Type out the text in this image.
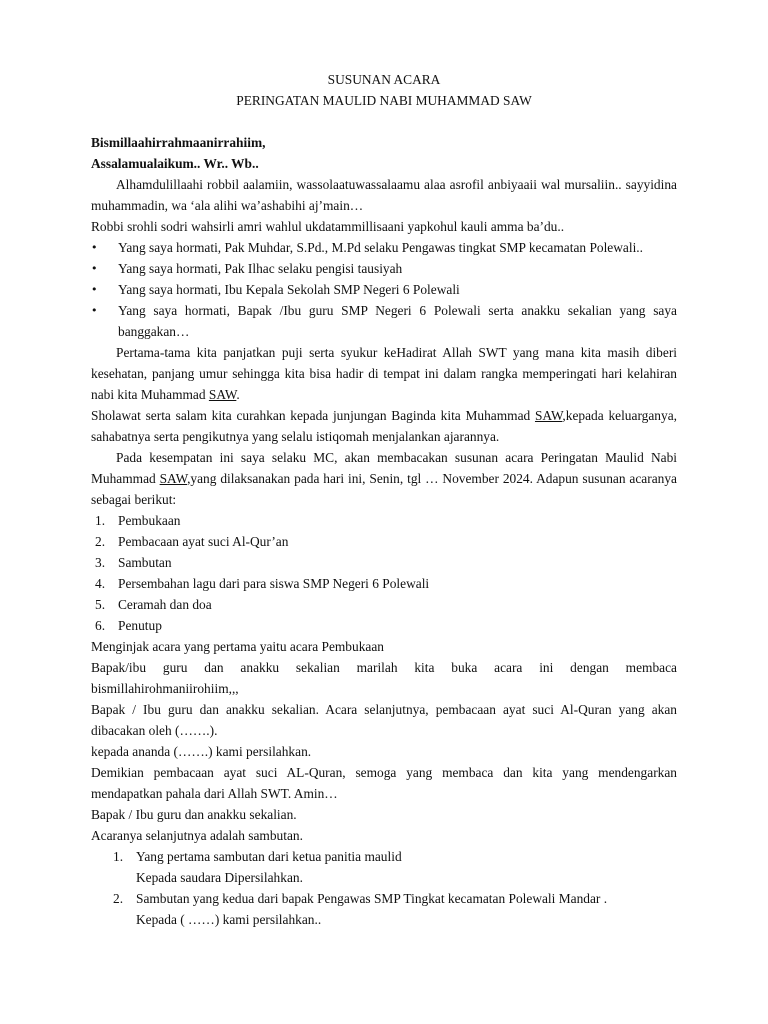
SUSUNAN ACARA

PERINGATAN MAULID NABI MUHAMMAD SAW

Bismillaahirrahmaanirrahiim,

Assalamualaikum.. Wr.. Wb..

Alhamdulillaahi robbil aalamiin, wassolaatuwassalaamu alaa asrofil anbiyaaii wal mursaliin.. sayyidina muhammadin, wa ‘ala alihi wa’ashabihi aj’main…

Robbi srohli sodri wahsirli amri wahlul ukdatammillisaani yapkohul kauli amma ba’du..

• Yang saya hormati, Pak Muhdar, S.Pd., M.Pd selaku Pengawas tingkat SMP kecamatan Polewali..
• Yang saya hormati, Pak Ilhac selaku pengisi tausiyah
• Yang saya hormati, Ibu Kepala Sekolah SMP Negeri 6 Polewali
• Yang saya hormati, Bapak /Ibu guru SMP Negeri 6 Polewali serta anakku sekalian yang saya banggakan…

Pertama-tama kita panjatkan puji serta syukur keHadirat Allah SWT yang mana kita masih diberi kesehatan, panjang umur sehingga kita bisa hadir di tempat ini dalam rangka memperingati hari kelahiran nabi kita Muhammad SAW.

Sholawat serta salam kita curahkan kepada junjungan Baginda kita Muhammad SAW,kepada keluarganya, sahabatnya serta pengikutnya yang selalu istiqomah menjalankan ajarannya.

Pada kesempatan ini saya selaku MC, akan membacakan susunan acara Peringatan Maulid Nabi Muhammad SAW,yang dilaksanakan pada hari ini, Senin, tgl … November 2024. Adapun susunan acaranya sebagai berikut:

1. Pembukaan
2. Pembacaan ayat suci Al-Qur’an
3. Sambutan
4. Persembahan lagu dari para siswa SMP Negeri 6 Polewali
5. Ceramah dan doa
6. Penutup

Menginjak acara yang pertama yaitu acara Pembukaan

Bapak/ibu guru dan anakku sekalian marilah kita buka acara ini dengan membaca

bismillahirohmaniirohiim,,,

Bapak / Ibu guru dan anakku sekalian. Acara selanjutnya, pembacaan ayat suci Al-Quran yang akan dibacakan oleh (…….).

kepada ananda (…….) kami persilahkan.

Demikian pembacaan ayat suci AL-Quran, semoga yang membaca dan kita yang mendengarkan mendapatkan pahala dari Allah SWT. Amin…

Bapak / Ibu guru dan anakku sekalian.

Acaranya selanjutnya adalah sambutan.

1. Yang pertama sambutan dari ketua panitia maulid
Kepada saudara Dipersilahkan.
2. Sambutan yang kedua dari bapak Pengawas SMP Tingkat kecamatan Polewali Mandar .
Kepada ( ……) kami persilahkan..
